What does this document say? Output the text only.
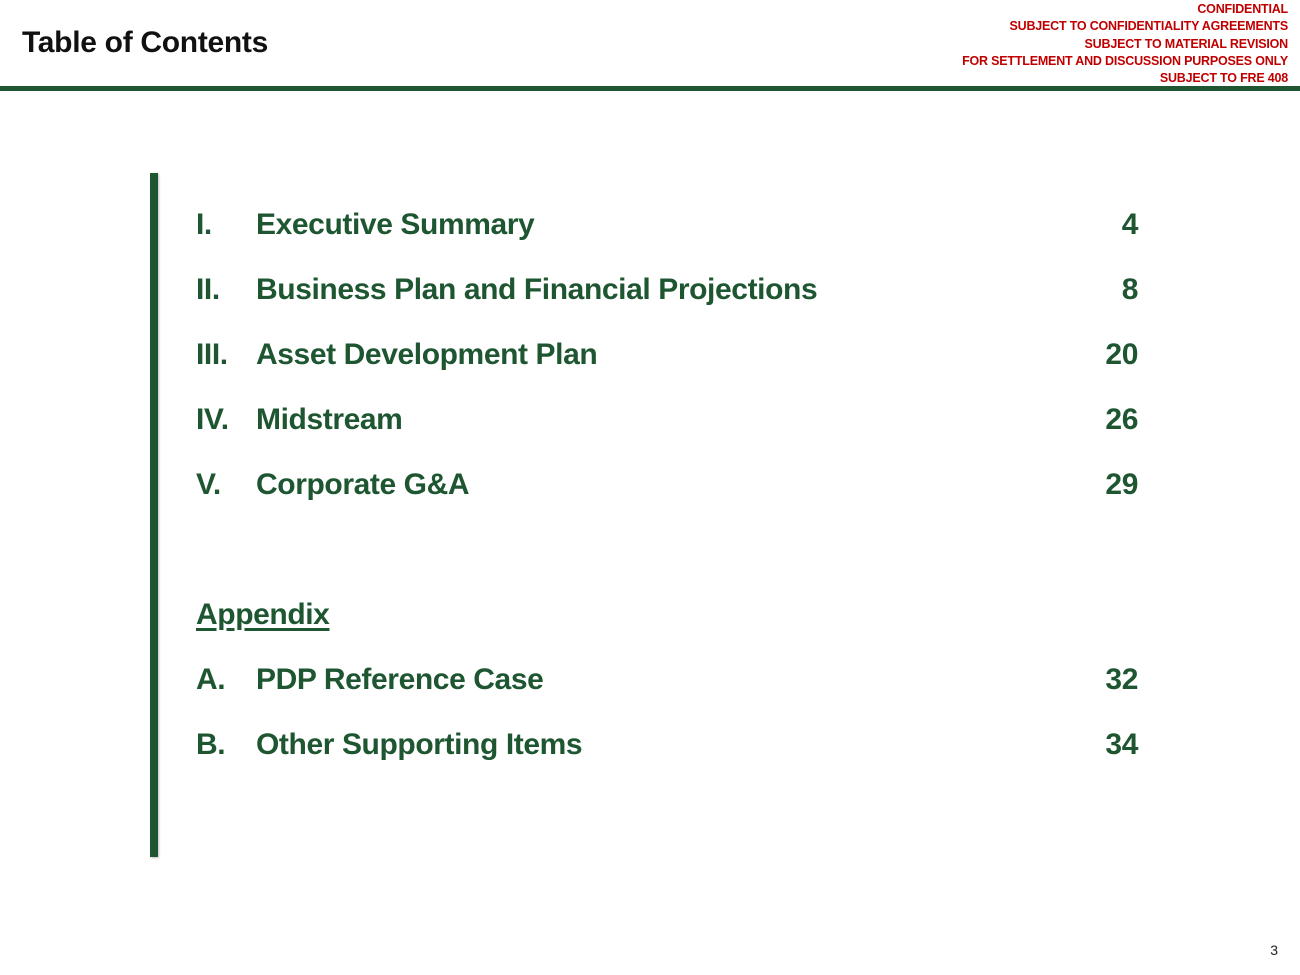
Table of Contents
CONFIDENTIAL
SUBJECT TO CONFIDENTIALITY AGREEMENTS
SUBJECT TO MATERIAL REVISION
FOR SETTLEMENT AND DISCUSSION PURPOSES ONLY
SUBJECT TO FRE 408
I. Executive Summary	4
II. Business Plan and Financial Projections	8
III. Asset Development Plan	20
IV. Midstream	26
V. Corporate G&A	29
Appendix
A. PDP Reference Case	32
B. Other Supporting Items	34
3
